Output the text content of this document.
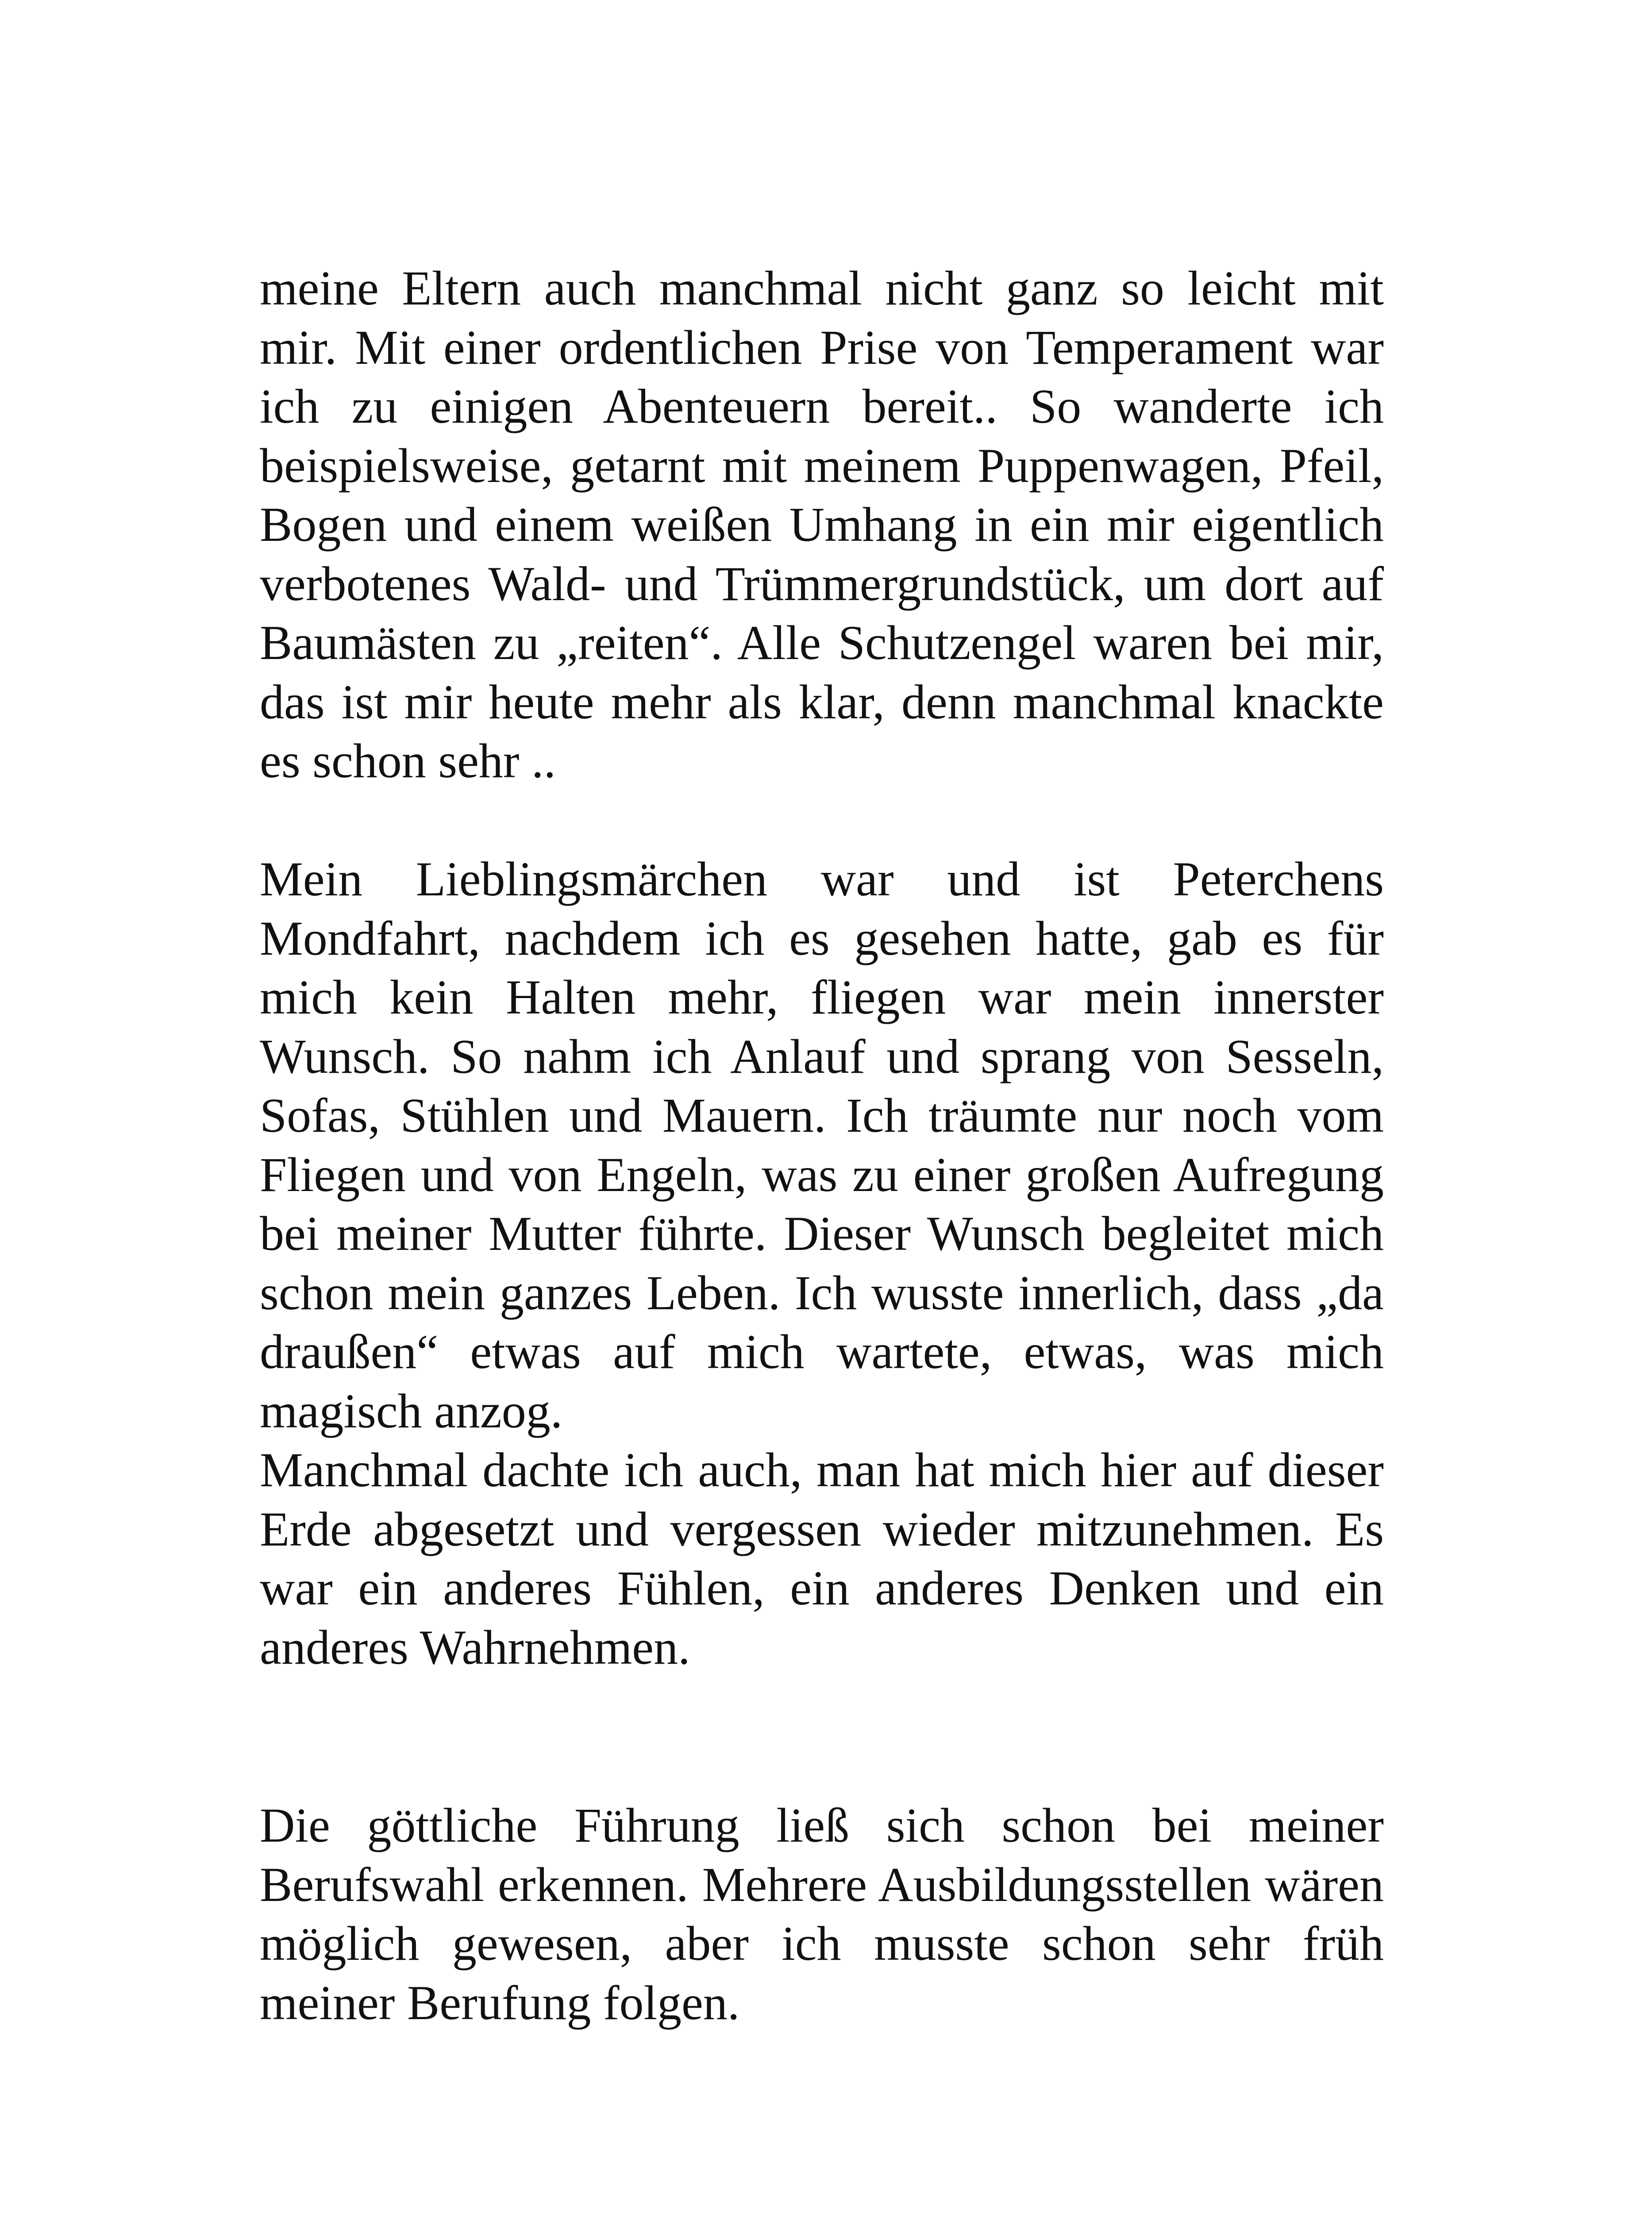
meine Eltern auch manchmal nicht ganz so leicht mit mir. Mit einer ordentlichen Prise von Temperament war ich zu einigen Abenteuern bereit.. So wanderte ich beispielsweise, getarnt mit meinem Puppenwagen, Pfeil, Bogen und einem weißen Umhang in ein mir eigentlich verbotenes Wald- und Trümmergrundstück, um dort auf Baumästen zu „reiten“. Alle Schutzengel waren bei mir, das ist mir heute mehr als klar, denn manchmal knackte es schon sehr ..

Mein Lieblingsmärchen war und ist Peterchens Mondfahrt, nachdem ich es gesehen hatte, gab es für mich kein Halten mehr, fliegen war mein innerster Wunsch. So nahm ich Anlauf und sprang von Sesseln, Sofas, Stühlen und Mauern. Ich träumte nur noch vom Fliegen und von Engeln, was zu einer großen Aufregung bei meiner Mutter führte. Dieser Wunsch begleitet mich schon mein ganzes Leben. Ich wusste innerlich, dass „da draußen“ etwas auf mich wartete, etwas, was mich magisch anzog.

Manchmal dachte ich auch, man hat mich hier auf dieser Erde abgesetzt und vergessen wieder mitzunehmen. Es war ein anderes Fühlen, ein anderes Denken und ein anderes Wahrnehmen.

Die göttliche Führung ließ sich schon bei meiner Berufswahl erkennen. Mehrere Ausbildungsstellen wären möglich gewesen, aber ich musste schon sehr früh meiner Berufung folgen.
